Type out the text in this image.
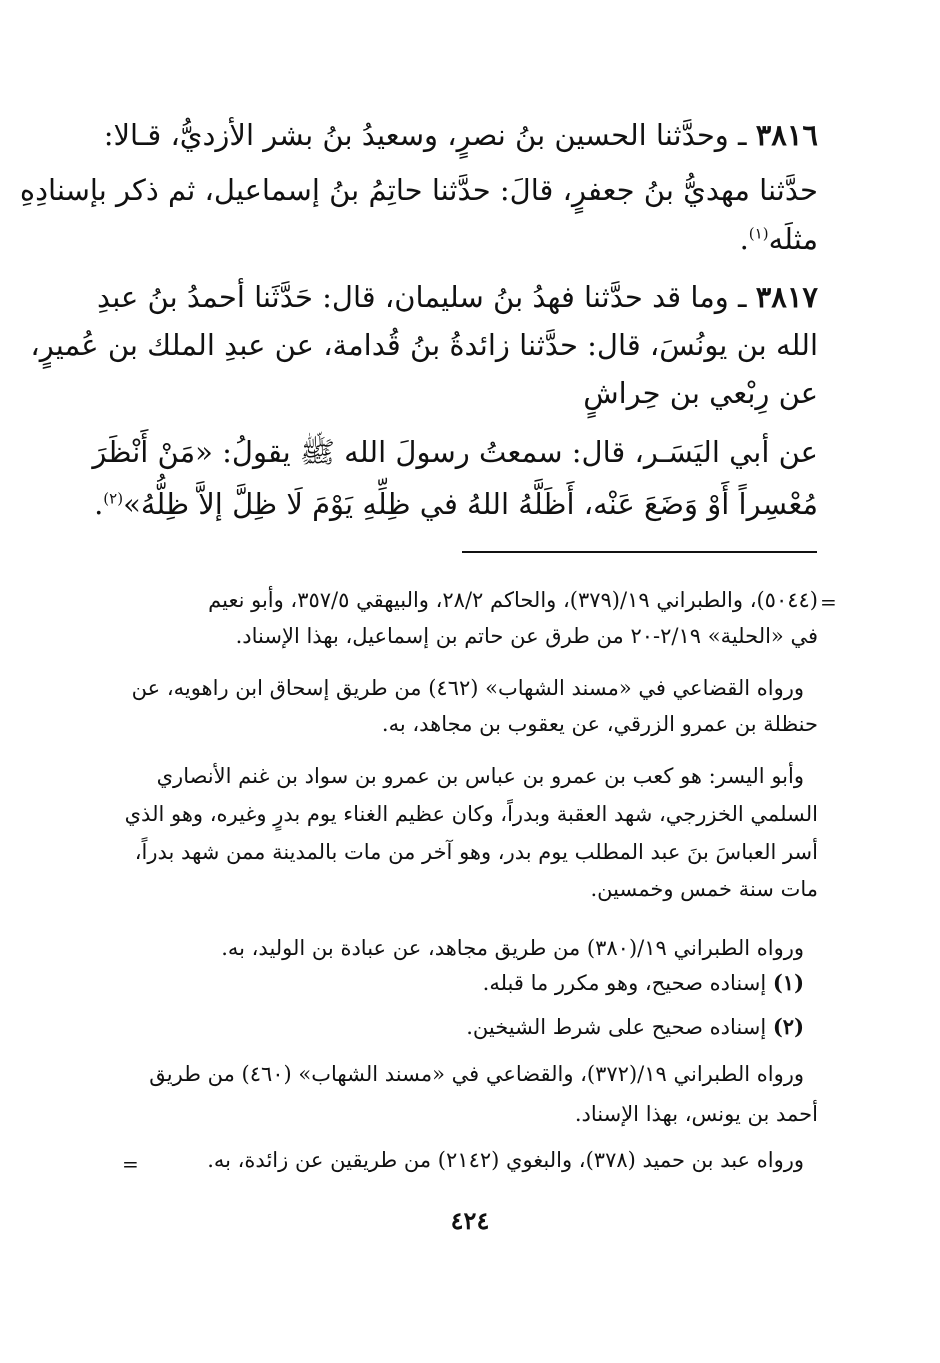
٣٨١٦ ـ وحدَّثنا الحسين بنُ نصرٍ، وسعيدُ بنُ بشر الأزديُّ، قـالا:
حدَّثنا مهديُّ بنُ جعفرٍ، قالَ: حدَّثنا حاتِمُ بنُ إسماعيل، ثم ذكر بإسنادِهِ
مثلَه$^{(١)}$.
٣٨١٧ ـ وما قد حدَّثنا فهدُ بنُ سليمان، قال: حَدَّثَنا أحمدُ بنُ عبدِ
الله بن يونُسَ، قال: حدَّثنا زائدةُ بنُ قُدامة، عن عبدِ الملك بن عُميرٍ،
عن رِبْعي بن حِراشٍ
عن أبي اليَسَـر، قال: سمعتُ رسولَ الله ﷺ يقولُ: «مَنْ أَنْظَرَ
مُعْسِراً أَوْ وَضَعَ عَنْه، أَظَلَّهُ اللهُ في ظِلِّهِ يَوْمَ لَا ظِلَّ إلاَّ ظِلُّهُ»$^{(٢)}$.
=
(٥٠٤٤)، والطبراني ١٩/(٣٧٩)، والحاكم ٢٨/٢، والبيهقي ٣٥٧/٥، وأبو نعيم
في «الحلية» ٢/١٩-٢٠ من طرق عن حاتم بن إسماعيل، بهذا الإسناد.
ورواه القضاعي في «مسند الشهاب» (٤٦٢) من طريق إسحاق ابن راهويه، عن
حنظلة بن عمرو الزرقي، عن يعقوب بن مجاهد، به.
وأبو اليسر: هو كعب بن عمرو بن عباس بن عمرو بن سواد بن غنم الأنصاري
السلمي الخزرجي، شهد العقبة وبدراً، وكان عظيم الغناء يوم بدرٍ وغيره، وهو الذي
أسر العباسَ بنَ عبد المطلب يوم بدر، وهو آخر من مات بالمدينة ممن شهد بدراً،
مات سنة خمس وخمسين.
ورواه الطبراني ١٩/(٣٨٠) من طريق مجاهد، عن عبادة بن الوليد، به.
(١) إسناده صحيح، وهو مكرر ما قبله.
(٢) إسناده صحيح على شرط الشيخين.
ورواه الطبراني ١٩/(٣٧٢)، والقضاعي في «مسند الشهاب» (٤٦٠) من طريق
أحمد بن يونس، بهذا الإسناد.
ورواه عبد بن حميد (٣٧٨)، والبغوي (٢١٤٢) من طريقين عن زائدة، به.
=
٤٢٤
